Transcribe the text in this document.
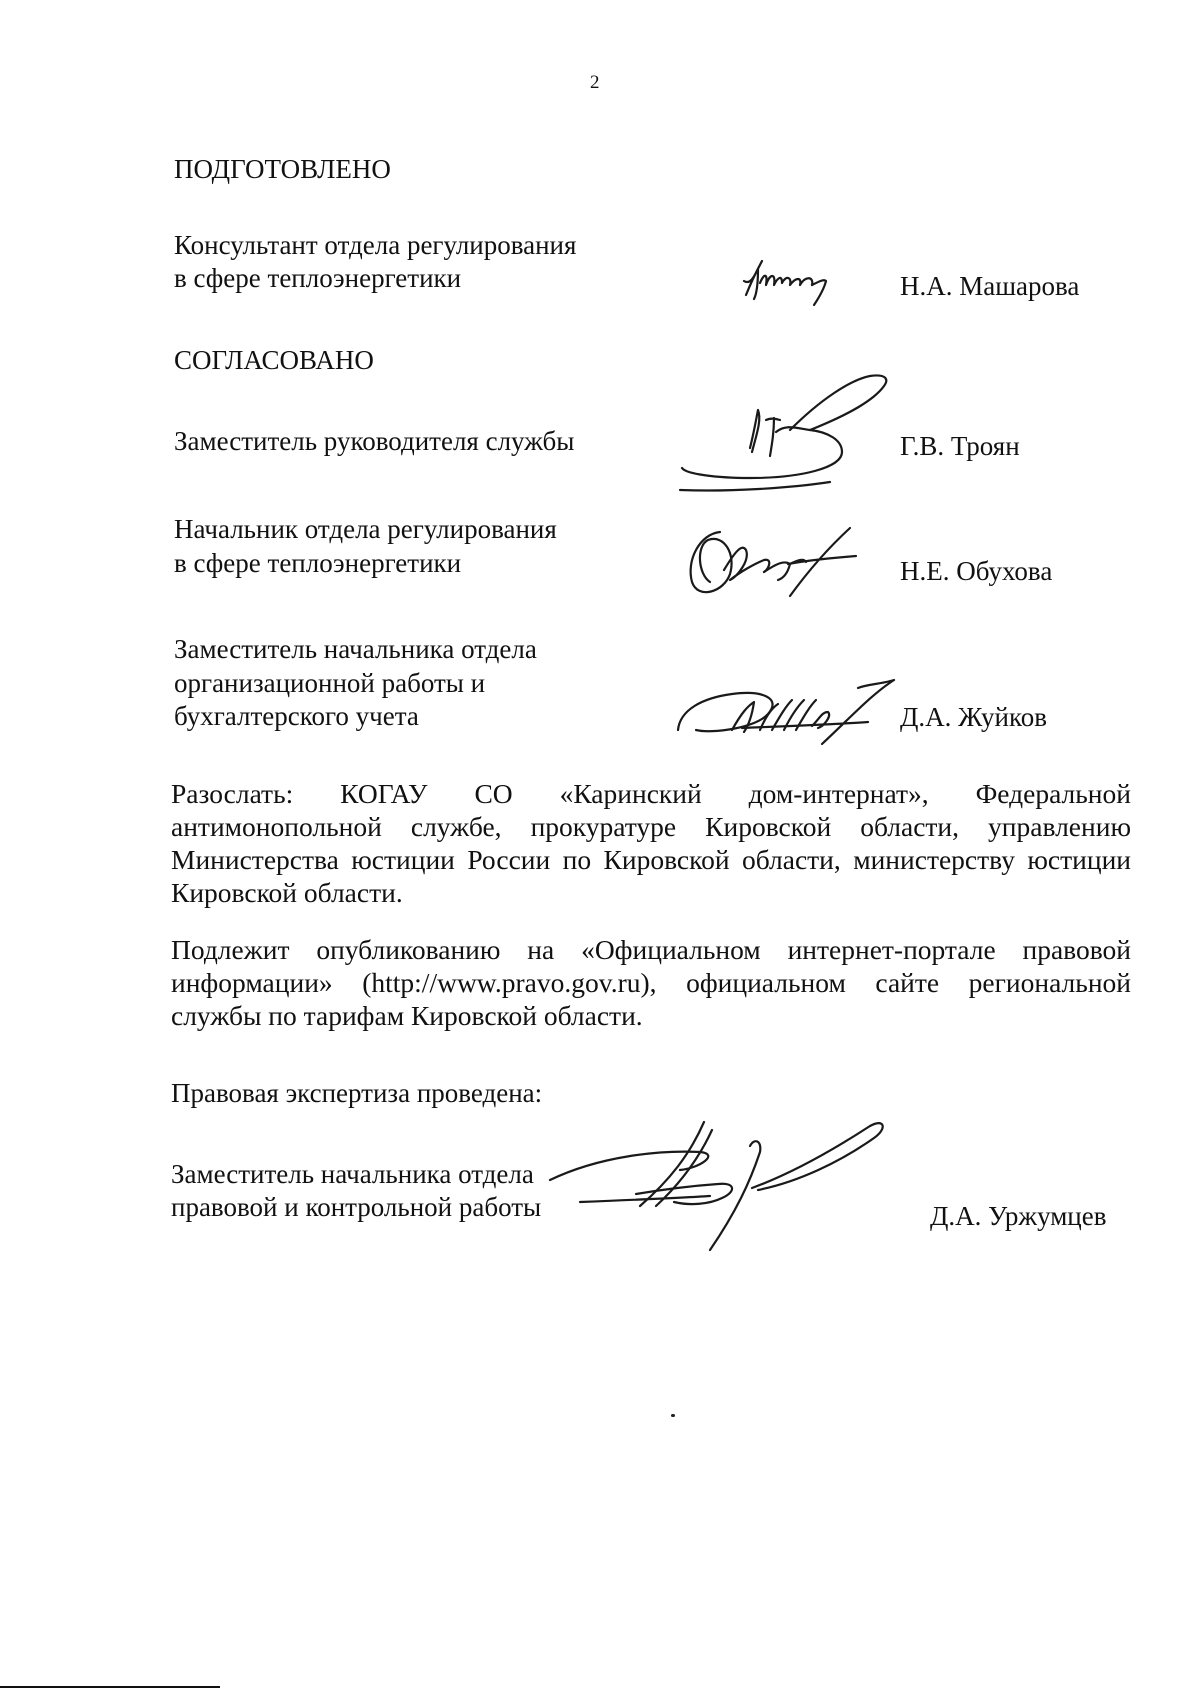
2
ПОДГОТОВЛЕНО
Консультант отдела регулирования
в сфере теплоэнергетики	Н.А. Машарова
СОГЛАСОВАНО
Заместитель руководителя службы	Г.В. Троян
Начальник отдела регулирования
в сфере теплоэнергетики	Н.Е. Обухова
Заместитель начальника отдела
организационной работы и
бухгалтерского учета	Д.А. Жуйков

Разослать: КОГАУ СО «Каринский дом-интернат», Федеральной антимонопольной службе, прокуратуре Кировской области, управлению Министерства юстиции России по Кировской области, министерству юстиции Кировской области.

Подлежит опубликованию на «Официальном интернет-портале правовой информации» (http://www.pravo.gov.ru), официальном сайте региональной службы по тарифам Кировской области.

Правовая экспертиза проведена:
Заместитель начальника отдела
правовой и контрольной работы	Д.А. Уржумцев
